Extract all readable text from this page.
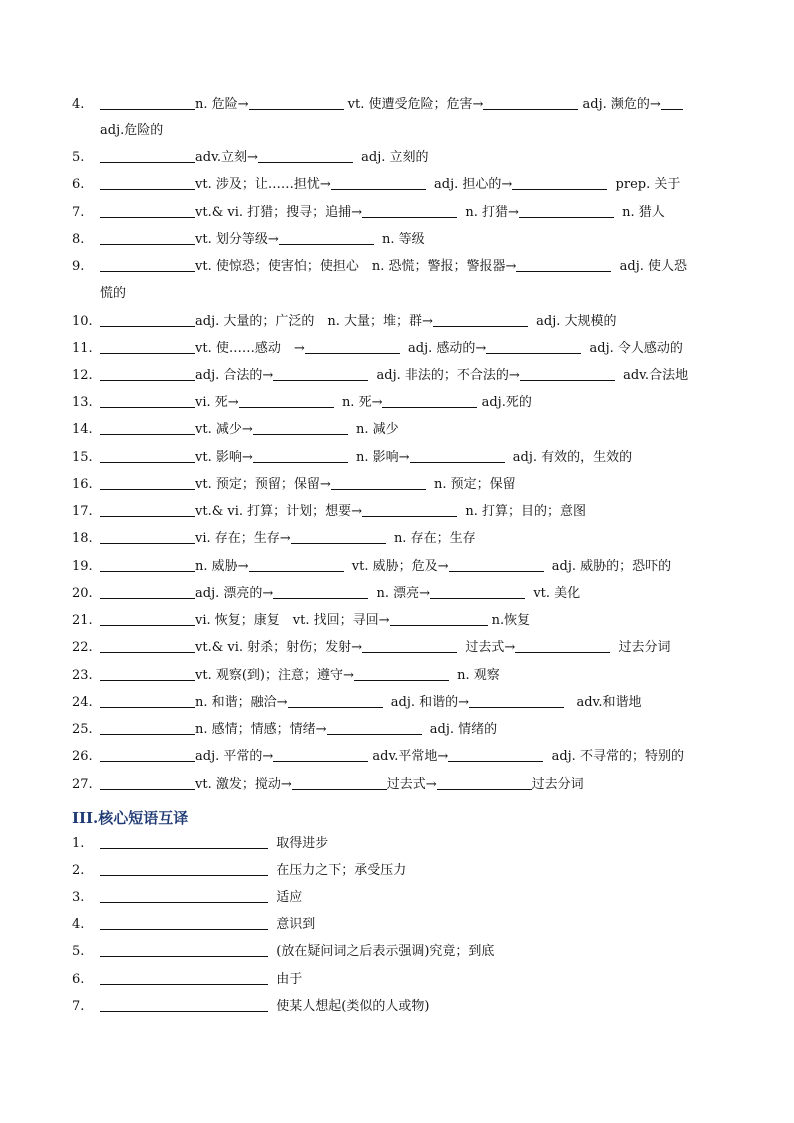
4.	n. 危险→	vt. 使遭受危险；危害→	adj. 濒危的→
adj.危险的
5.	adv.立刻→	adj. 立刻的
6.	vt. 涉及；让……担忧→	adj. 担心的→	prep. 关于
7.	vt.& vi. 打猎；搜寻；追捕→	n. 打猎→	n. 猎人
8.	vt. 划分等级→	n. 等级
9.	vt. 使惊恐；使害怕；使担心　n. 恐慌；警报；警报器→	adj. 使人恐
慌的
10.	adj. 大量的；广泛的　n. 大量；堆；群→	adj. 大规模的
11.	vt. 使……感动　→	adj. 感动的→	adj. 令人感动的
12.	adj. 合法的→	adj. 非法的；不合法的→	adv.合法地
13.	vi. 死→	n. 死→	adj.死的
14.	vt. 减少→	n. 减少
15.	vt. 影响→	n. 影响→	adj. 有效的，生效的
16.	vt. 预定；预留；保留→	n. 预定；保留
17.	vt.& vi. 打算；计划；想要→	n. 打算；目的；意图
18.	vi. 存在；生存→	n. 存在；生存
19.	n. 威胁→	vt. 威胁；危及→	adj. 威胁的；恐吓的
20.	adj. 漂亮的→	n. 漂亮→	vt. 美化
21.	vi. 恢复；康复　vt. 找回；寻回→	n.恢复
22.	vt.& vi. 射杀；射伤；发射→	过去式→	过去分词
23.	vt. 观察(到)；注意；遵守→	n. 观察
24.	n. 和谐；融洽→	adj. 和谐的→	adv.和谐地
25.	n. 感情；情感；情绪→	adj. 情绪的
26.	adj. 平常的→	adv.平常地→	adj. 不寻常的；特别的
27.	vt. 激发；搅动→	过去式→	过去分词
III.核心短语互译
1.	取得进步
2.	在压力之下；承受压力
3.	适应
4.	意识到
5.	(放在疑问词之后表示强调)究竟；到底
6.	由于
7.	使某人想起(类似的人或物)
